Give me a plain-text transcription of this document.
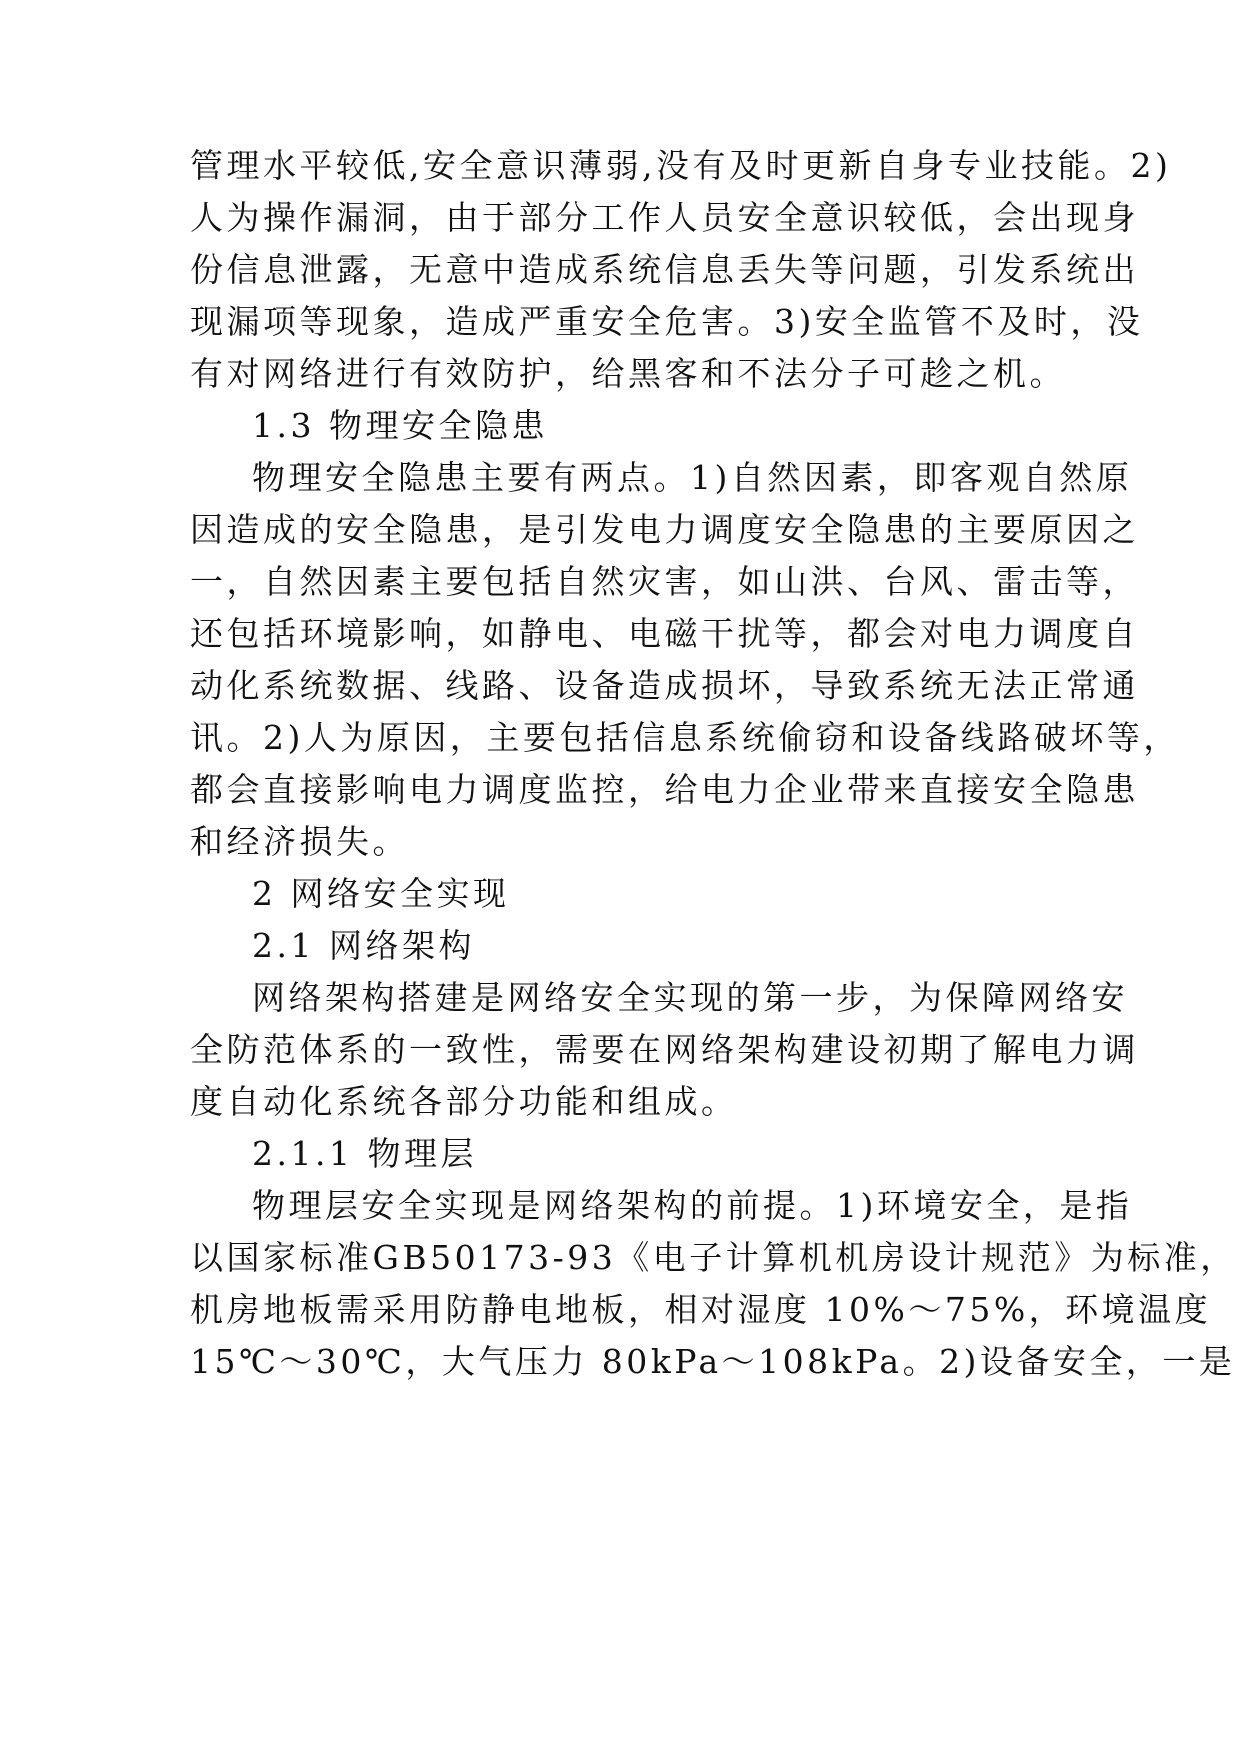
管理水平较低,安全意识薄弱,没有及时更新自身专业技能。2)
人为操作漏洞，由于部分工作人员安全意识较低，会出现身
份信息泄露，无意中造成系统信息丢失等问题，引发系统出
现漏项等现象，造成严重安全危害。3)安全监管不及时，没
有对网络进行有效防护，给黑客和不法分子可趁之机。
1.3 物理安全隐患
物理安全隐患主要有两点。1)自然因素，即客观自然原
因造成的安全隐患，是引发电力调度安全隐患的主要原因之
一，自然因素主要包括自然灾害，如山洪、台风、雷击等，
还包括环境影响，如静电、电磁干扰等，都会对电力调度自
动化系统数据、线路、设备造成损坏，导致系统无法正常通
讯。2)人为原因，主要包括信息系统偷窃和设备线路破坏等，
都会直接影响电力调度监控，给电力企业带来直接安全隐患
和经济损失。
2 网络安全实现
2.1 网络架构
网络架构搭建是网络安全实现的第一步，为保障网络安
全防范体系的一致性，需要在网络架构建设初期了解电力调
度自动化系统各部分功能和组成。
2.1.1 物理层
物理层安全实现是网络架构的前提。1)环境安全，是指
以国家标准GB50173-93《电子计算机机房设计规范》为标准，
机房地板需采用防静电地板，相对湿度 10%～75%，环境温度
15℃～30℃，大气压力 80kPa～108kPa。2)设备安全，一是
